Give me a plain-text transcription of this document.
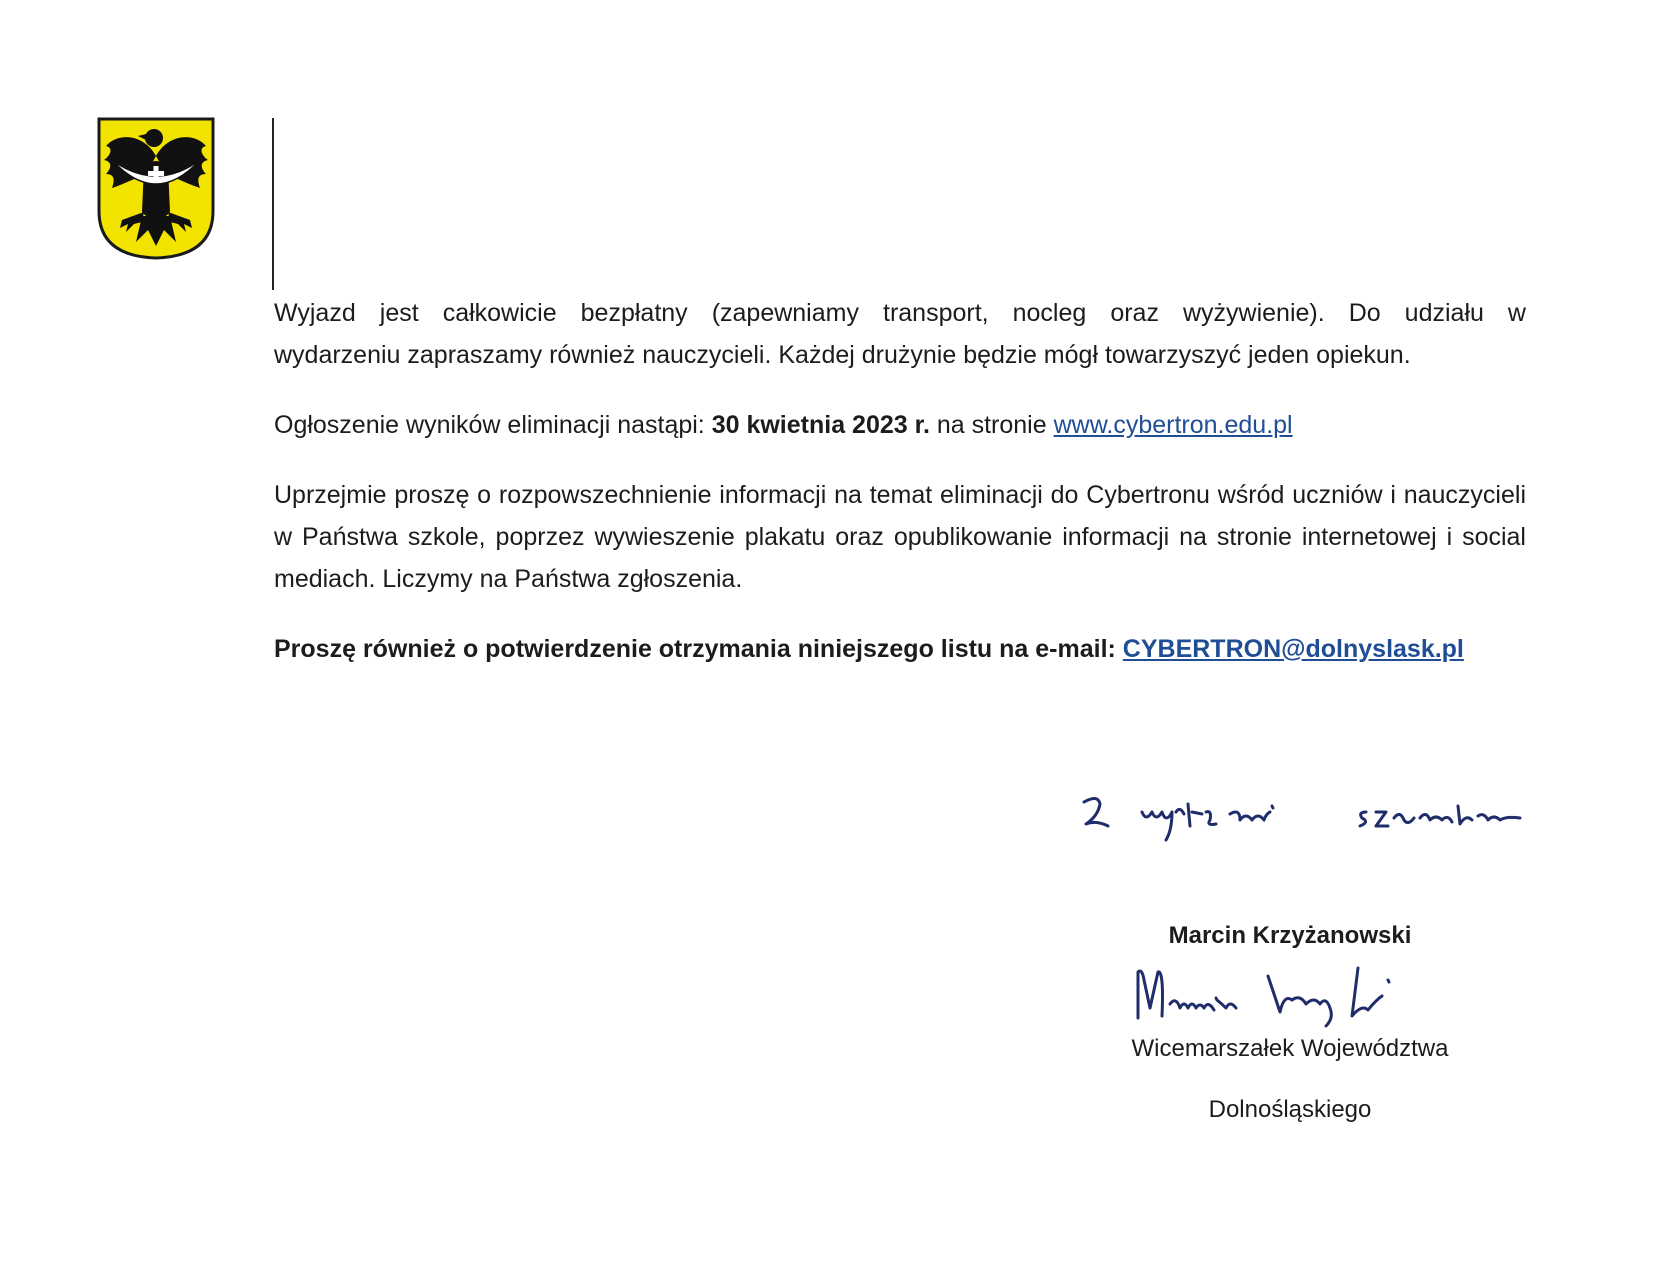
Wyjazd jest całkowicie bezpłatny (zapewniamy transport, nocleg oraz wyżywienie). Do udziału w
wydarzeniu zapraszamy również nauczycieli. Każdej drużynie będzie mógł towarzyszyć jeden opiekun.

Ogłoszenie wyników eliminacji nastąpi: 30 kwietnia 2023 r. na stronie www.cybertron.edu.pl

Uprzejmie proszę o rozpowszechnienie informacji na temat eliminacji do Cybertronu wśród uczniów i nauczycieli w Państwa szkole, poprzez wywieszenie plakatu oraz opublikowanie informacji na stronie internetowej i social mediach. Liczymy na Państwa zgłoszenia.

Proszę również o potwierdzenie otrzymania niniejszego listu na e-mail: CYBERTRON@dolnyslask.pl

Marcin Krzyżanowski
Wicemarszałek Województwa
Dolnośląskiego
